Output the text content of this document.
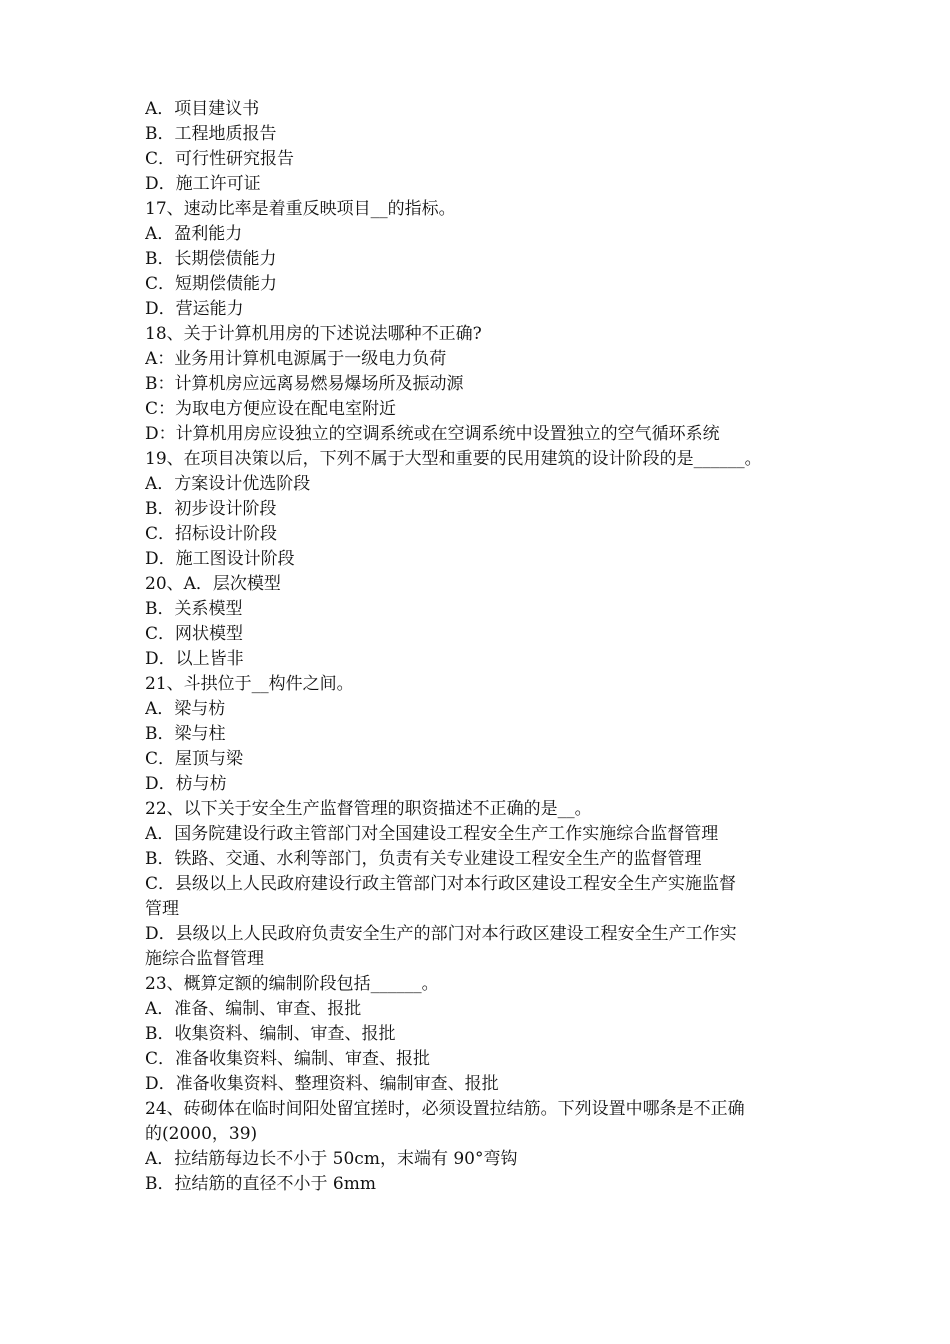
A．项目建议书
B．工程地质报告
C．可行性研究报告
D．施工许可证
17、速动比率是着重反映项目__的指标。
A．盈利能力
B．长期偿债能力
C．短期偿债能力
D．营运能力
18、关于计算机用房的下述说法哪种不正确?
A：业务用计算机电源属于一级电力负荷
B：计算机房应远离易燃易爆场所及振动源
C：为取电方便应设在配电室附近
D：计算机用房应设独立的空调系统或在空调系统中设置独立的空气循环系统
19、在项目决策以后，下列不属于大型和重要的民用建筑的设计阶段的是______。
A．方案设计优选阶段
B．初步设计阶段
C．招标设计阶段
D．施工图设计阶段
20、A．层次模型
B．关系模型
C．网状模型
D．以上皆非
21、斗拱位于__构件之间。
A．梁与枋
B．梁与柱
C．屋顶与梁
D．枋与枋
22、以下关于安全生产监督管理的职资描述不正确的是__。
A．国务院建设行政主管部门对全国建设工程安全生产工作实施综合监督管理
B．铁路、交通、水利等部门，负责有关专业建设工程安全生产的监督管理
C．县级以上人民政府建设行政主管部门对本行政区建设工程安全生产实施监督
管理
D．县级以上人民政府负责安全生产的部门对本行政区建设工程安全生产工作实
施综合监督管理
23、概算定额的编制阶段包括______。
A．准备、编制、审查、报批
B．收集资料、编制、审查、报批
C．准备收集资料、编制、审查、报批
D．准备收集资料、整理资料、编制审查、报批
24、砖砌体在临时间阳处留宜搓时，必须设置拉结筋。下列设置中哪条是不正确
的(2000，39)
A．拉结筋每边长不小于 50cm，末端有 90°弯钩
B．拉结筋的直径不小于 6mm
